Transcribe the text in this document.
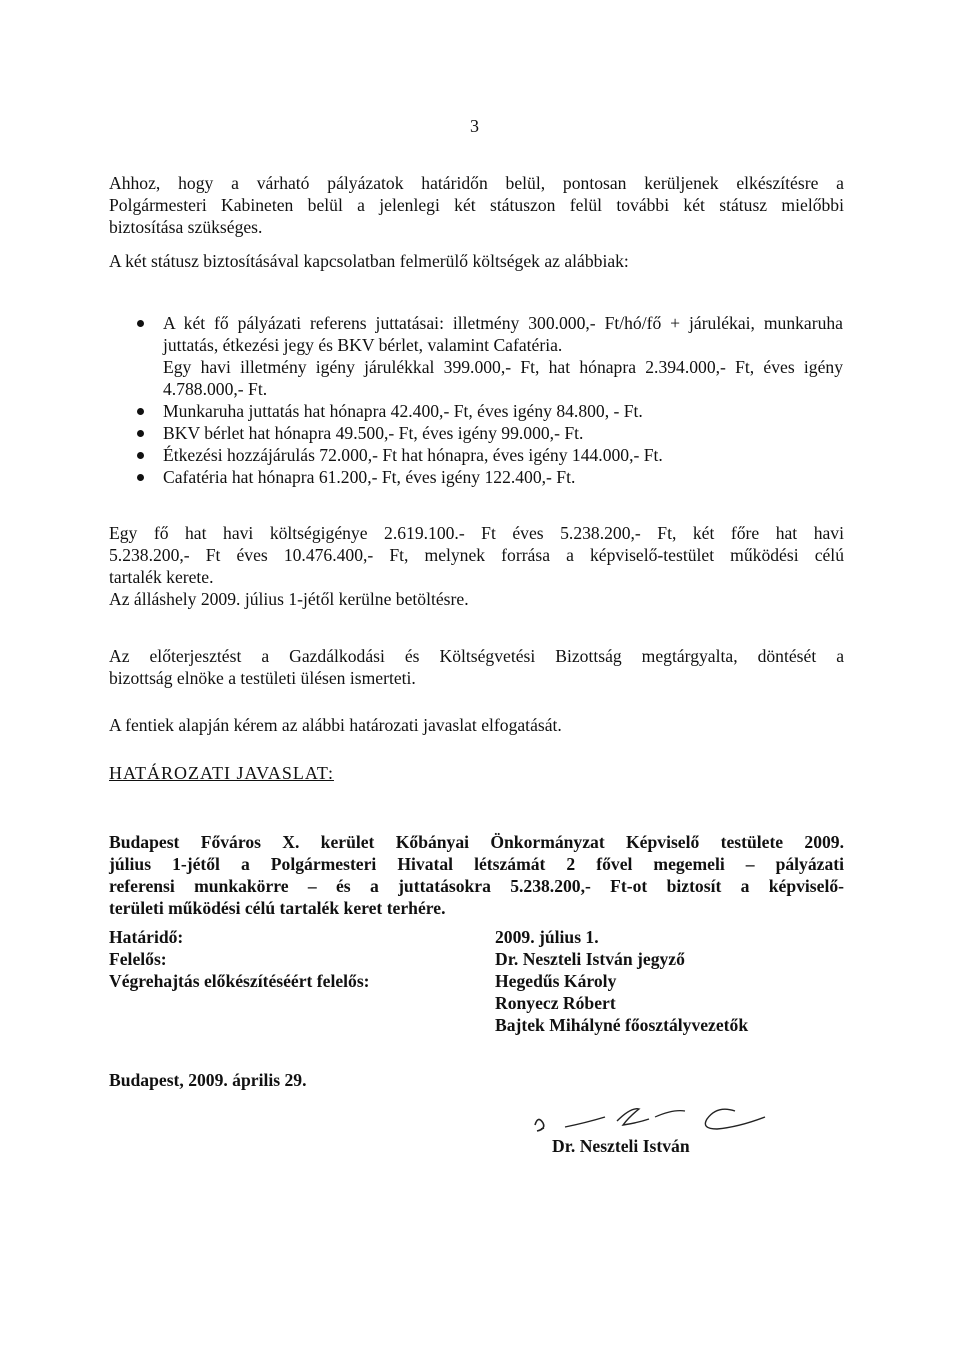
3
Ahhoz, hogy a várható pályázatok határidőn belül, pontosan kerüljenek elkészítésre a
Polgármesteri Kabineten belül a jelenlegi két státuszon felül további két státusz mielőbbi
biztosítása szükséges.
A két státusz biztosításával kapcsolatban felmerülő költségek az alábbiak:
A két fő pályázati referens juttatásai: illetmény 300.000,- Ft/hó/fő + járulékai, munkaruha juttatás, étkezési jegy és BKV bérlet, valamint Cafatéria.
Egy havi illetmény igény járulékkal 399.000,- Ft, hat hónapra 2.394.000,- Ft, éves igény 4.788.000,- Ft.
Munkaruha juttatás hat hónapra 42.400,- Ft, éves igény 84.800, - Ft.
BKV bérlet hat hónapra 49.500,- Ft, éves igény 99.000,- Ft.
Étkezési hozzájárulás 72.000,- Ft hat hónapra, éves igény 144.000,- Ft.
Cafatéria hat hónapra 61.200,- Ft, éves igény 122.400,- Ft.
Egy fő hat havi költségigénye 2.619.100.- Ft éves 5.238.200,- Ft, két főre hat havi
5.238.200,- Ft éves 10.476.400,- Ft, melynek forrása a képviselő-testület működési célú
tartalék kerete.
Az álláshely 2009. július 1-jétől kerülne betöltésre.
Az előterjesztést a Gazdálkodási és Költségvetési Bizottság megtárgyalta, döntését a
bizottság elnöke a testületi ülésen ismerteti.
A fentiek alapján kérem az alábbi határozati javaslat elfogatását.
HATÁROZATI JAVASLAT:
Budapest Főváros X. kerület Kőbányai Önkormányzat Képviselő testülete 2009.
július 1-jétől a Polgármesteri Hivatal létszámát 2 fővel megemeli – pályázati
referensi munkakörre – és a juttatásokra 5.238.200,- Ft-ot biztosít a képviselő-
területi működési célú tartalék keret terhére.
Határidő:
Felelős:
Végrehajtás előkészítéséért felelős:
2009. július 1.
Dr. Neszteli István jegyző
Hegedűs Károly
Ronyecz Róbert
Bajtek Mihályné főosztályvezetők
Budapest, 2009. április 29.
Dr. Neszteli István
